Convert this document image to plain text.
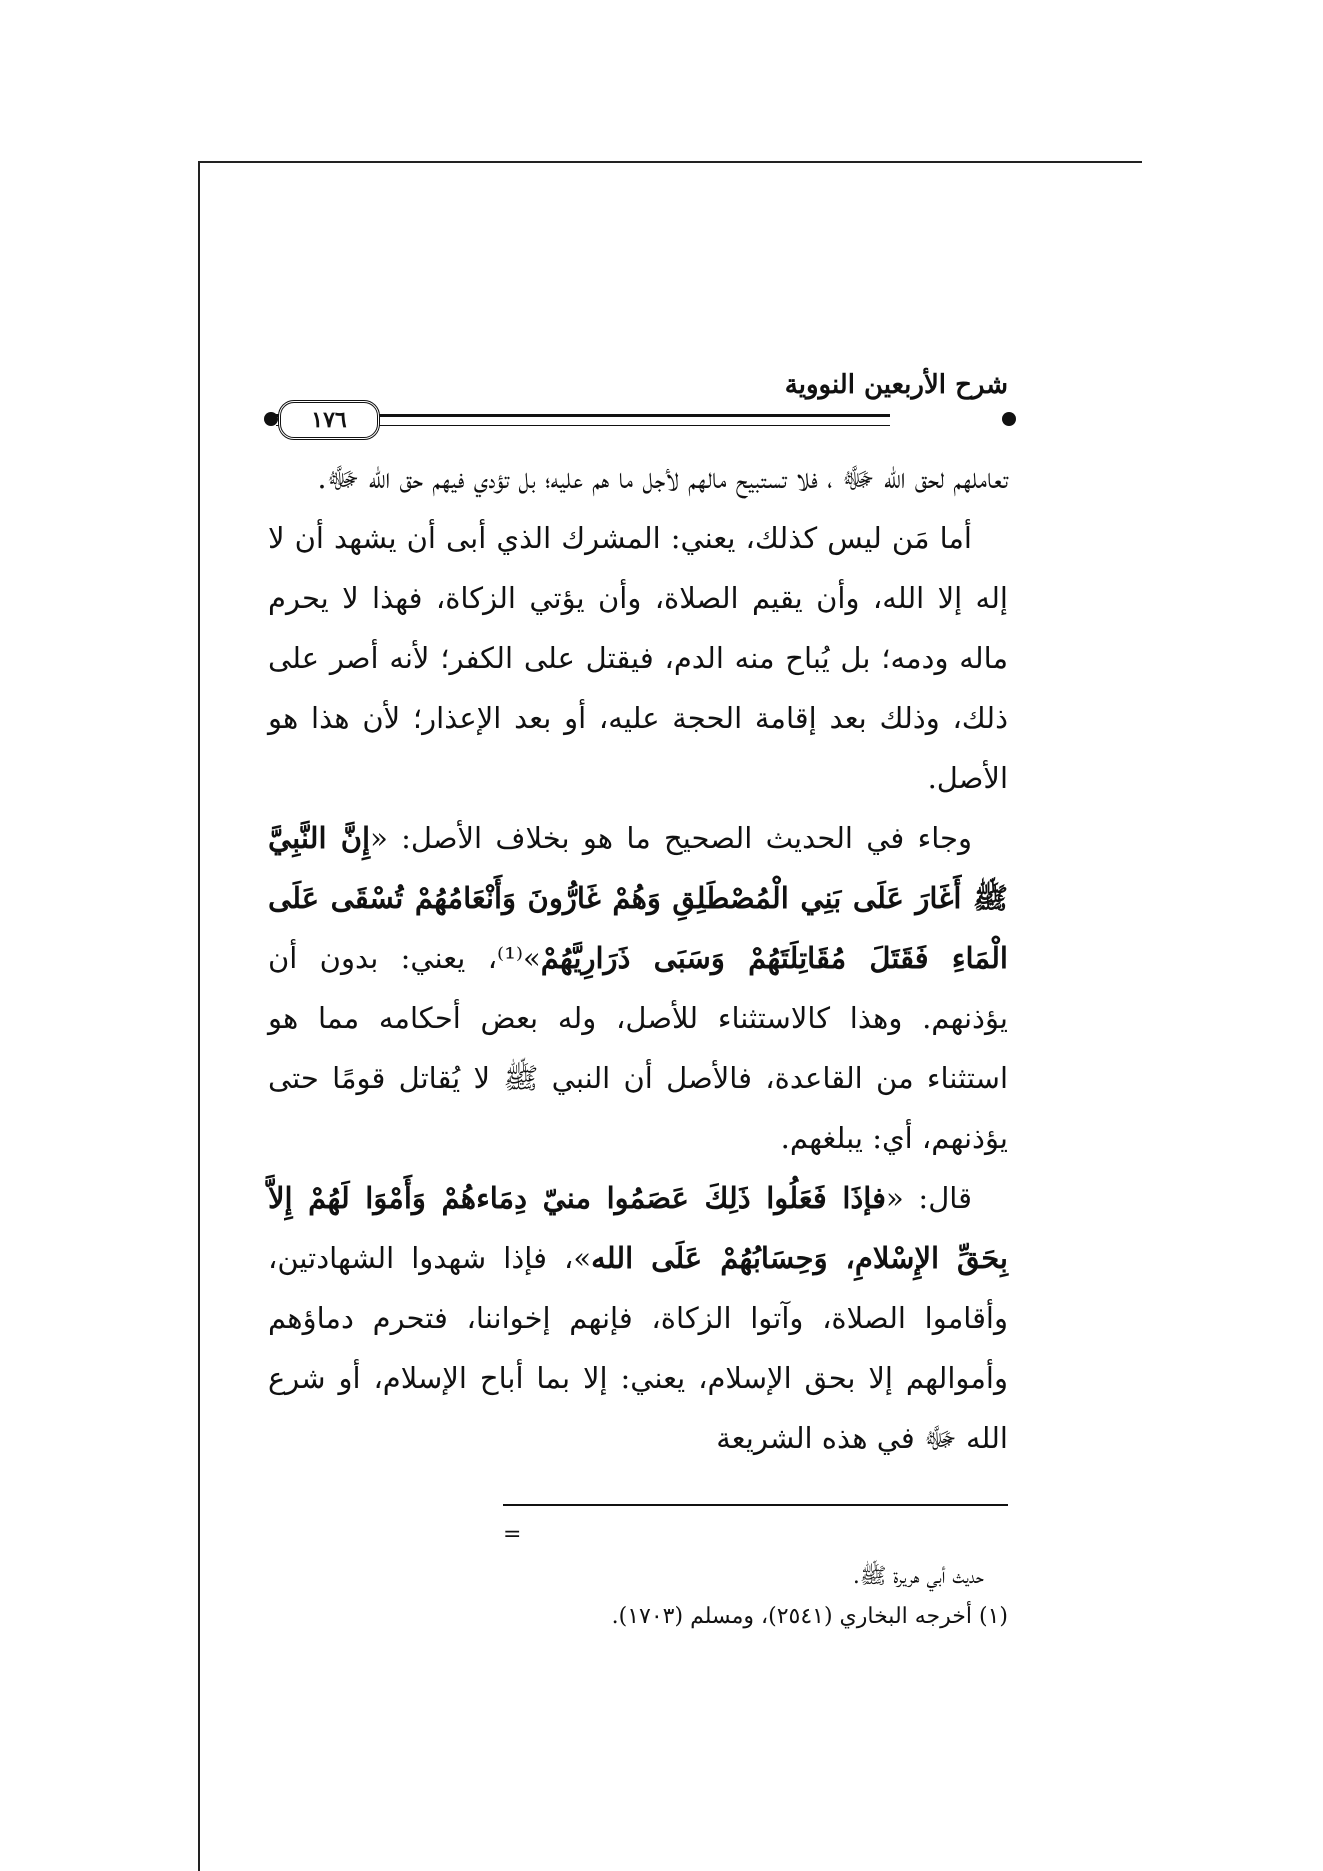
شرح الأربعين النووية
١٧٦

تعاملهم لحق الله ﷻ ، فلا تستبيح مالهم لأجل ما هم عليه؛ بل تؤدي فيهم حق الله ﷻ.

أما مَن ليس كذلك، يعني: المشرك الذي أبى أن يشهد أن لا إله إلا الله، وأن يقيم الصلاة، وأن يؤتي الزكاة، فهذا لا يحرم ماله ودمه؛ بل يُباح منه الدم، فيقتل على الكفر؛ لأنه أصر على ذلك، وذلك بعد إقامة الحجة عليه، أو بعد الإعذار؛ لأن هذا هو الأصل.

وجاء في الحديث الصحيح ما هو بخلاف الأصل: «إِنَّ النَّبِيَّ ﷺ أَغَارَ عَلَى بَنِي الْمُصْطَلِقِ وَهُمْ غَارُّونَ وَأَنْعَامُهُمْ تُسْقَى عَلَى الْمَاءِ فَقَتَلَ مُقَاتِلَتَهُمْ وَسَبَى ذَرَارِيَّهُمْ»⁽¹⁾، يعني: بدون أن يؤذنهم. وهذا كالاستثناء للأصل، وله بعض أحكامه مما هو استثناء من القاعدة، فالأصل أن النبي ﷺ لا يُقاتل قومًا حتى يؤذنهم، أي: يبلغهم.

قال: «فإذَا فَعَلُوا ذَلِكَ عَصَمُوا منيّ دِمَاءهُمْ وَأَمْوَا لَهُمْ إِلاَّ بِحَقِّ الإِسْلامِ، وَحِسَابُهُمْ عَلَى الله»، فإذا شهدوا الشهادتين، وأقاموا الصلاة، وآتوا الزكاة، فإنهم إخواننا، فتحرم دماؤهم وأموالهم إلا بحق الإسلام، يعني: إلا بما أباح الإسلام، أو شرع الله ﷻ في هذه الشريعة

=

حديث أبي هريرة ﷺ.

(١) أخرجه البخاري (٢٥٤١)، ومسلم (١٧٠٣).
